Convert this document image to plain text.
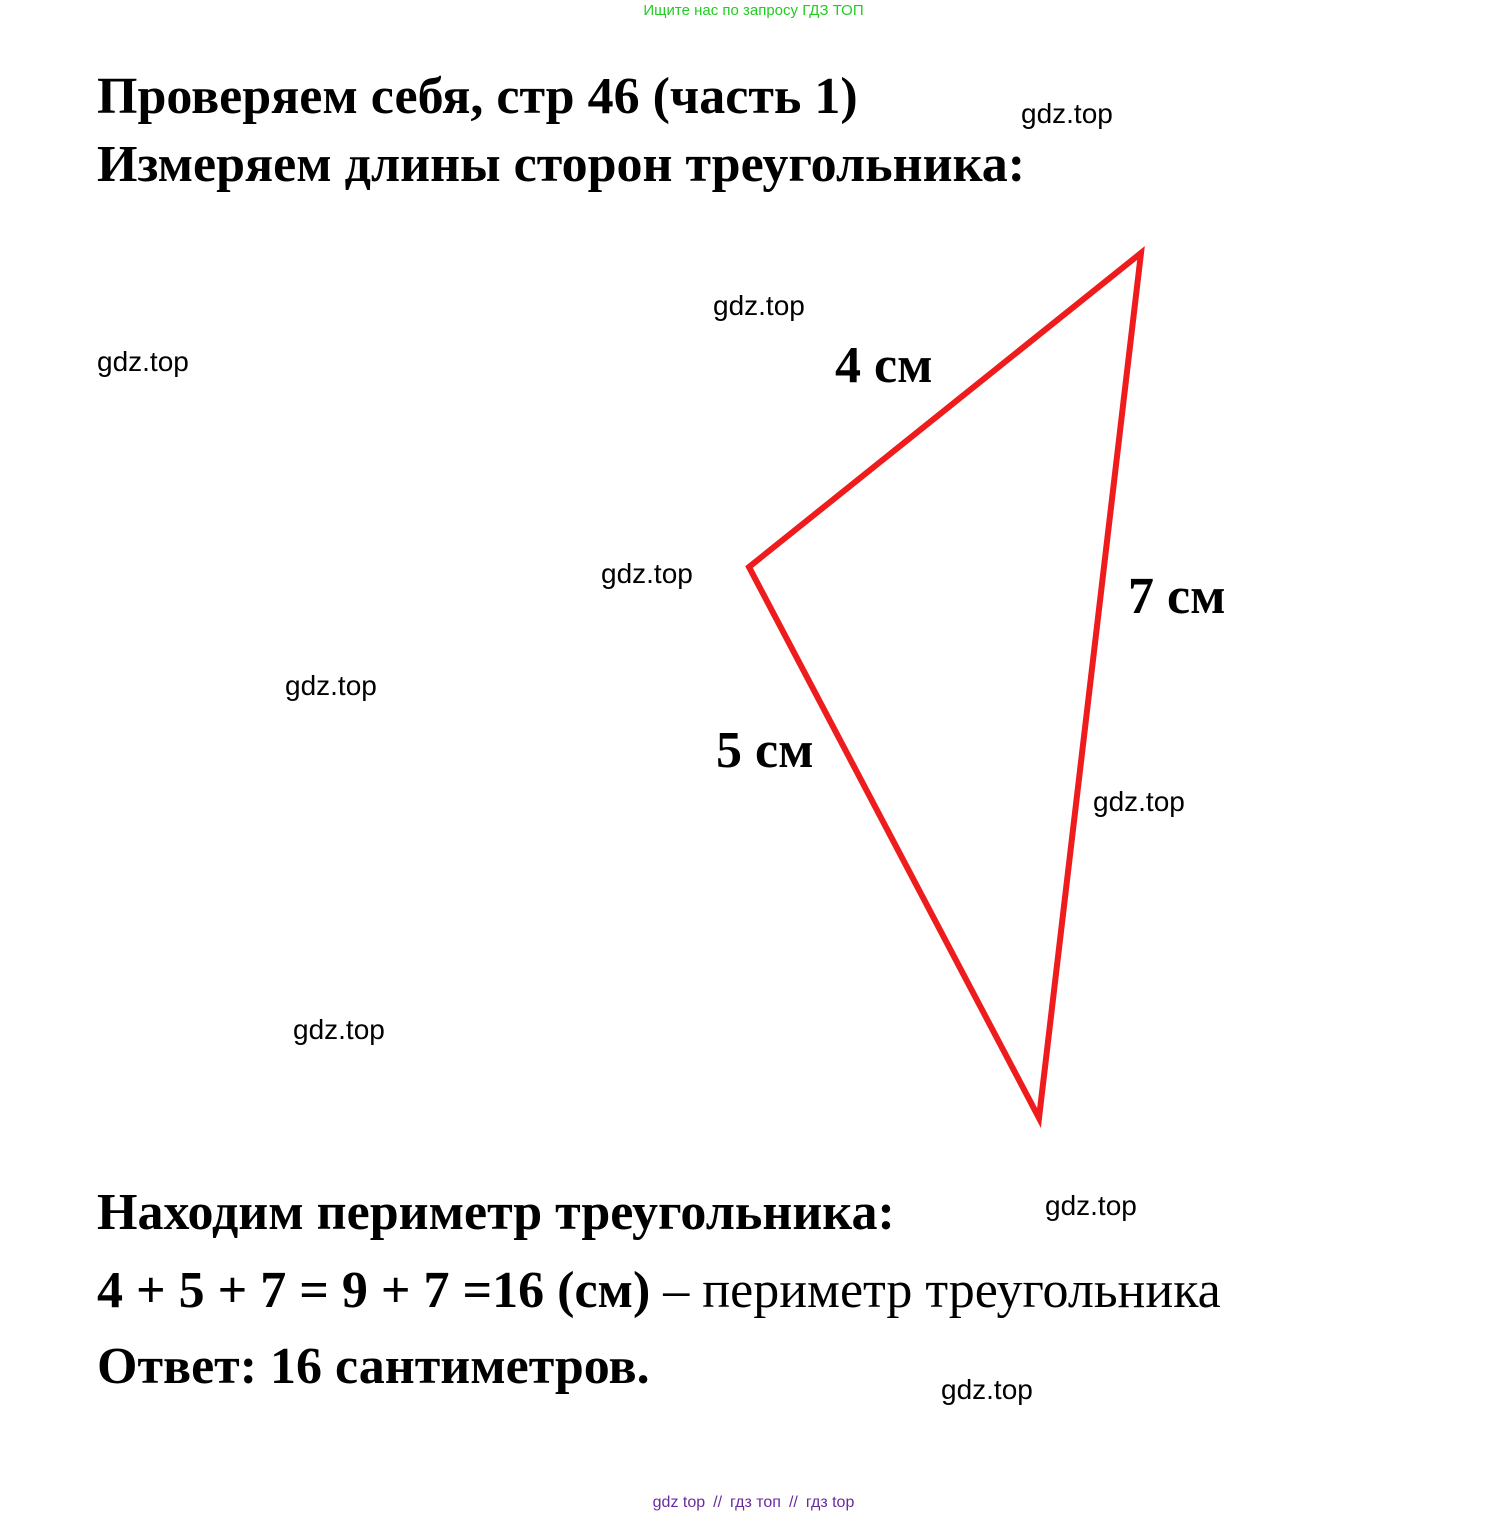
Ищите нас по запросу ГДЗ ТОП
Проверяем себя, стр 46 (часть 1)
Измеряем длины сторон треугольника:
4 см
7 см
5 см
gdz.top
gdz.top
gdz.top
gdz.top
gdz.top
gdz.top
gdz.top
gdz.top
gdz.top
Находим периметр треугольника:
4 + 5 + 7 = 9 + 7 =16 (см) – периметр треугольника
Ответ: 16 сантиметров.
gdz top // гдз топ // гдз top
